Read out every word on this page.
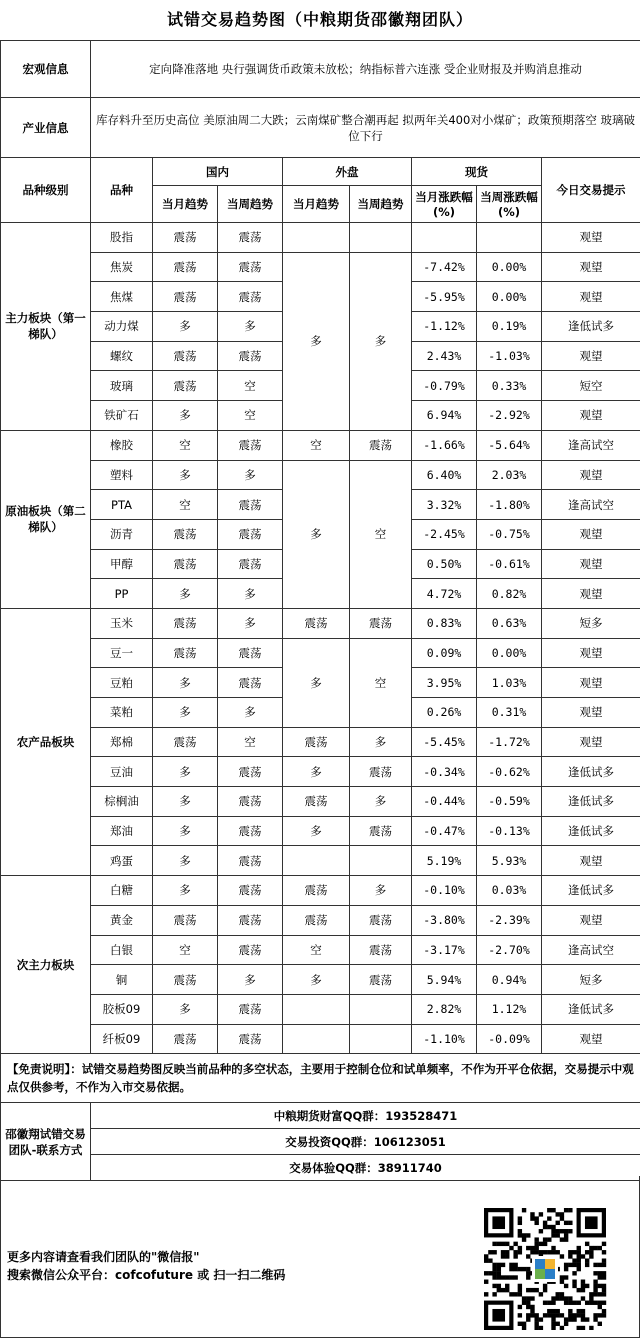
试错交易趋势图（中粮期货邵徽翔团队）
宏观信息	定向降准落地 央行强调货币政策未放松；纳指标普六连涨 受企业财报及并购消息推动							
产业信息	库存料升至历史高位 美原油周二大跌；云南煤矿整合潮再起 拟两年关400对小煤矿；政策预期落空 玻璃破位下行							
品种级别	品种	国内		外盘		现货		今日交易提示
		当月趋势	当周趋势	当月趋势	当周趋势	当月涨跌幅(%)	当周涨跌幅(%)	
主力板块（第一梯队）	股指	震荡	震荡					观望
	焦炭	震荡	震荡	多	多	-7.42%	0.00%	观望
	焦煤	震荡	震荡			-5.95%	0.00%	观望
	动力煤	多	多			-1.12%	0.19%	逢低试多
	螺纹	震荡	震荡			2.43%	-1.03%	观望
	玻璃	震荡	空			-0.79%	0.33%	短空
	铁矿石	多	空			6.94%	-2.92%	观望
原油板块（第二梯队）	橡胶	空	震荡	空	震荡	-1.66%	-5.64%	逢高试空
	塑料	多	多	多	空	6.40%	2.03%	观望
	PTA	空	震荡			3.32%	-1.80%	逢高试空
	沥青	震荡	震荡			-2.45%	-0.75%	观望
	甲醇	震荡	震荡			0.50%	-0.61%	观望
	PP	多	多			4.72%	0.82%	观望
农产品板块	玉米	震荡	多	震荡	震荡	0.83%	0.63%	短多
	豆一	震荡	震荡	多	空	0.09%	0.00%	观望
	豆粕	多	震荡			3.95%	1.03%	观望
	菜粕	多	多			0.26%	0.31%	观望
	郑棉	震荡	空	震荡	多	-5.45%	-1.72%	观望
	豆油	多	震荡	多	震荡	-0.34%	-0.62%	逢低试多
	棕榈油	多	震荡	震荡	多	-0.44%	-0.59%	逢低试多
	郑油	多	震荡	多	震荡	-0.47%	-0.13%	逢低试多
	鸡蛋	多	震荡			5.19%	5.93%	观望
次主力板块	白糖	多	震荡	震荡	多	-0.10%	0.03%	逢低试多
	黄金	震荡	震荡	震荡	震荡	-3.80%	-2.39%	观望
	白银	空	震荡	空	震荡	-3.17%	-2.70%	逢高试空
	铜	震荡	多	多	震荡	5.94%	0.94%	短多
	胶板09	多	震荡			2.82%	1.12%	逢低试多
	纤板09	震荡	震荡			-1.10%	-0.09%	观望
【免责说明】：试错交易趋势图反映当前品种的多空状态，主要用于控制仓位和试单频率，不作为开平仓依据，交易提示中观点仅供参考，不作为入市交易依据。								
邵徽翔试错交易团队-联系方式	中粮期货财富QQ群：193528471							
	交易投资QQ群：106123051							
	交易体验QQ群：38911740							
更多内容请查看我们团队的"微信报"
搜索微信公众平台：cofcofuture 或 扫一扫二维码
